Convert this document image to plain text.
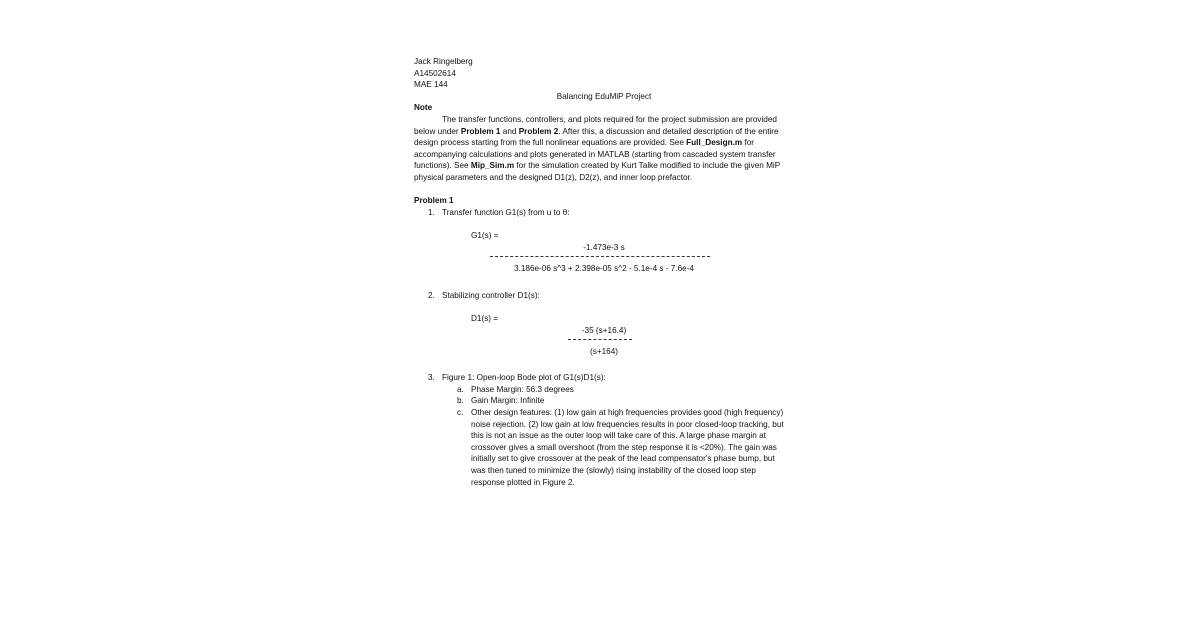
Jack Ringelberg
A14502614
MAE 144
Balancing EduMiP Project
Note
The transfer functions, controllers, and plots required for the project submission are provided below under Problem 1 and Problem 2. After this, a discussion and detailed description of the entire design process starting from the full nonlinear equations are provided. See Full_Design.m for accompanying calculations and plots generated in MATLAB (starting from cascaded system transfer functions). See Mip_Sim.m for the simulation created by Kurt Talke modified to include the given MiP physical parameters and the designed D1(z), D2(z), and inner loop prefactor.
Problem 1
1. Transfer function G1(s) from u to θ:
G1(s) =
-1.473e-3 s
3.186e-06 s^3 + 2.398e-05 s^2 - 5.1e-4 s - 7.6e-4
2. Stabilizing controller D1(s):
D1(s) =
-35 (s+16.4)
(s+164)
3. Figure 1: Open-loop Bode plot of G1(s)D1(s):
a. Phase Margin: 56.3 degrees
b. Gain Margin: Infinite
c. Other design features: (1) low gain at high frequencies provides good (high frequency) noise rejection. (2) low gain at low frequencies results in poor closed-loop tracking, but this is not an issue as the outer loop will take care of this. A large phase margin at crossover gives a small overshoot (from the step response it is <20%). The gain was initially set to give crossover at the peak of the lead compensator's phase bump, but was then tuned to minimize the (slowly) rising instability of the closed loop step response plotted in Figure 2.
